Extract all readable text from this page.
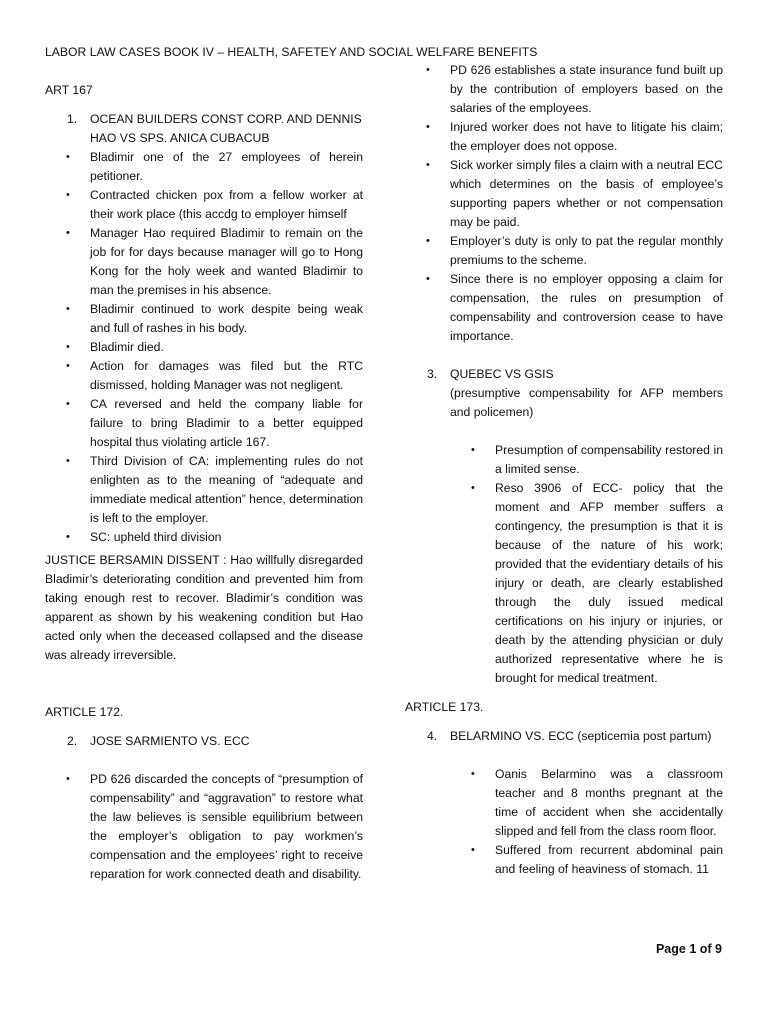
LABOR LAW CASES BOOK IV – HEALTH, SAFETEY AND SOCIAL WELFARE BENEFITS

ART 167

1. OCEAN BUILDERS CONST CORP. AND DENNIS HAO VS SPS. ANICA CUBACUB
• Bladimir one of the 27 employees of herein petitioner.
• Contracted chicken pox from a fellow worker at their work place (this accdg to employer himself
• Manager Hao required Bladimir to remain on the job for for days because manager will go to Hong Kong for the holy week and wanted Bladimir to man the premises in his absence.
• Bladimir continued to work despite being weak and full of rashes in his body.
• Bladimir died.
• Action for damages was filed but the RTC dismissed, holding Manager was not negligent.
• CA reversed and held the company liable for failure to bring Bladimir to a better equipped hospital thus violating article 167.
• Third Division of CA: implementing rules do not enlighten as to the meaning of “adequate and immediate medical attention” hence, determination is left to the employer.
• SC: upheld third division

JUSTICE BERSAMIN DISSENT : Hao willfully disregarded Bladimir’s deteriorating condition and prevented him from taking enough rest to recover. Bladimir’s condition was apparent as shown by his weakening condition but Hao acted only when the deceased collapsed and the disease was already irreversible.

ARTICLE 172.

2. JOSE SARMIENTO VS. ECC
• PD 626 discarded the concepts of “presumption of compensability” and “aggravation” to restore what the law believes is sensible equilibrium between the employer’s obligation to pay workmen’s compensation and the employees’ right to receive reparation for work connected death and disability.
• PD 626 establishes a state insurance fund built up by the contribution of employers based on the salaries of the employees.
• Injured worker does not have to litigate his claim; the employer does not oppose.
• Sick worker simply files a claim with a neutral ECC which determines on the basis of employee’s supporting papers whether or not compensation may be paid.
• Employer’s duty is only to pat the regular monthly premiums to the scheme.
• Since there is no employer opposing a claim for compensation, the rules on presumption of compensability and controversion cease to have importance.
3. QUEBEC VS GSIS

(presumptive compensability for AFP members and policemen)

• Presumption of compensability restored in a limited sense.
• Reso 3906 of ECC- policy that the moment and AFP member suffers a contingency, the presumption is that it is because of the nature of his work; provided that the evidentiary details of his injury or death, are clearly established through the duly issued medical certifications on his injury or injuries, or death by the attending physician or duly authorized representative where he is brought for medical treatment.

ARTICLE 173.

4. BELARMINO VS. ECC (septicemia post partum)
• Oanis Belarmino was a classroom teacher and 8 months pregnant at the time of accident when she accidentally slipped and fell from the class room floor.
• Suffered from recurrent abdominal pain and feeling of heaviness of stomach. 11
Page 1 of 9
